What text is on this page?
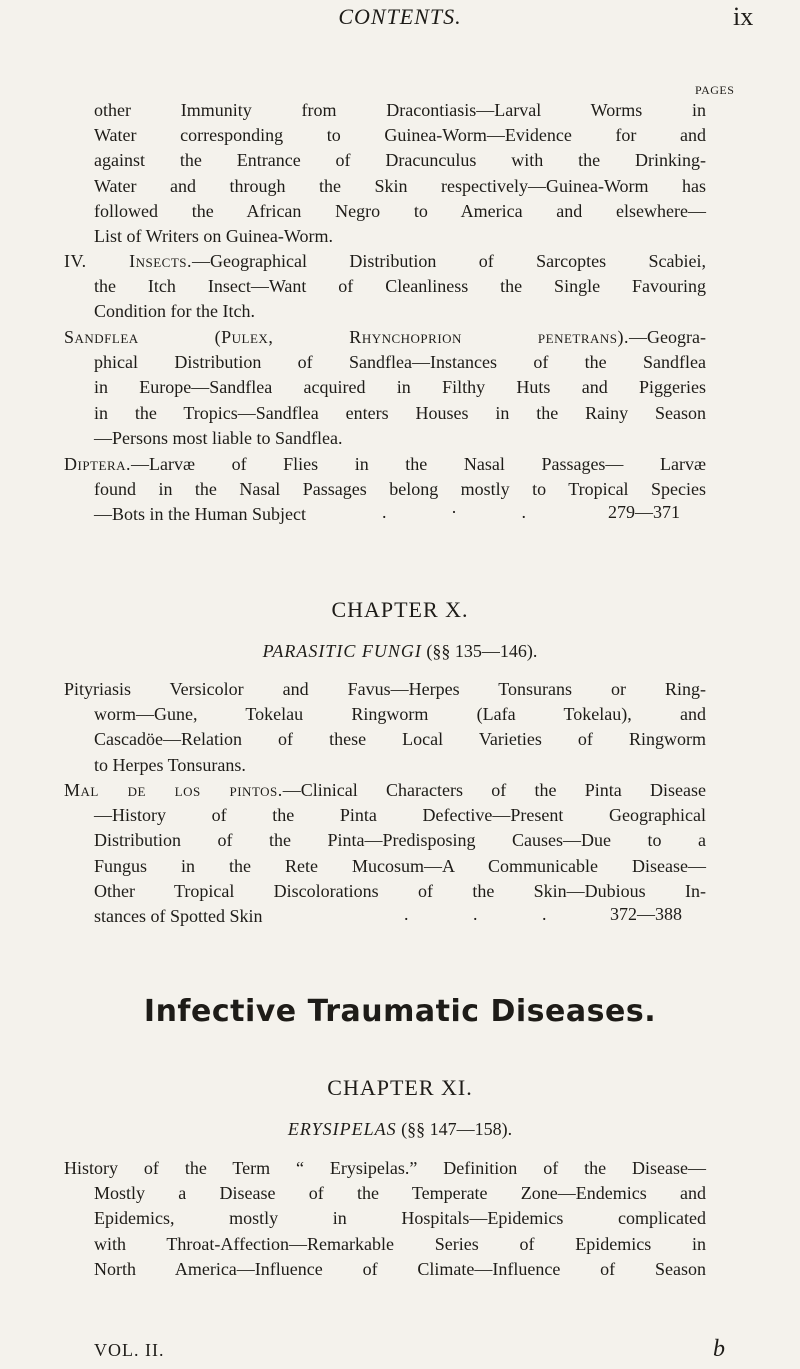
CONTENTS.	ix
PAGES
other Immunity from Dracontiasis—Larval Worms in
Water corresponding to Guinea-Worm—Evidence for and
against the Entrance of Dracunculus with the Drinking-
Water and through the Skin respectively—Guinea-Worm has
followed the African Negro to America and elsewhere—
List of Writers on Guinea-Worm.
IV. Insects.—Geographical Distribution of Sarcoptes Scabiei,
the Itch Insect—Want of Cleanliness the Single Favouring
Condition for the Itch.
Sandflea (Pulex, Rhynchoprion penetrans).—Geogra-
phical Distribution of Sandflea—Instances of the Sandflea
in Europe—Sandflea acquired in Filthy Huts and Piggeries
in the Tropics—Sandflea enters Houses in the Rainy Season
—Persons most liable to Sandflea.
Diptera.—Larvæ of Flies in the Nasal Passages— Larvæ
found in the Nasal Passages belong mostly to Tropical Species
—Bots in the Human Subject	. · .	279—371
CHAPTER X.
PARASITIC FUNGI (§§ 135—146).
Pityriasis Versicolor and Favus—Herpes Tonsurans or Ring-
worm—Gune, Tokelau Ringworm (Lafa Tokelau), and
Cascadöe—Relation of these Local Varieties of Ringworm
to Herpes Tonsurans.
Mal de los pintos.—Clinical Characters of the Pinta Disease
—History of the Pinta Defective—Present Geographical
Distribution of the Pinta—Predisposing Causes—Due to a
Fungus in the Rete Mucosum—A Communicable Disease—
Other Tropical Discolorations of the Skin—Dubious In-
stances of Spotted Skin	. . . 372—388
Infective Traumatic Diseases.
CHAPTER XI.
ERYSIPELAS (§§ 147—158).
History of the Term “ Erysipelas.” Definition of the Disease—
Mostly a Disease of the Temperate Zone—Endemics and
Epidemics, mostly in Hospitals—Epidemics complicated
with Throat-Affection—Remarkable Series of Epidemics in
North America—Influence of Climate—Influence of Season
VOL. II.	b
